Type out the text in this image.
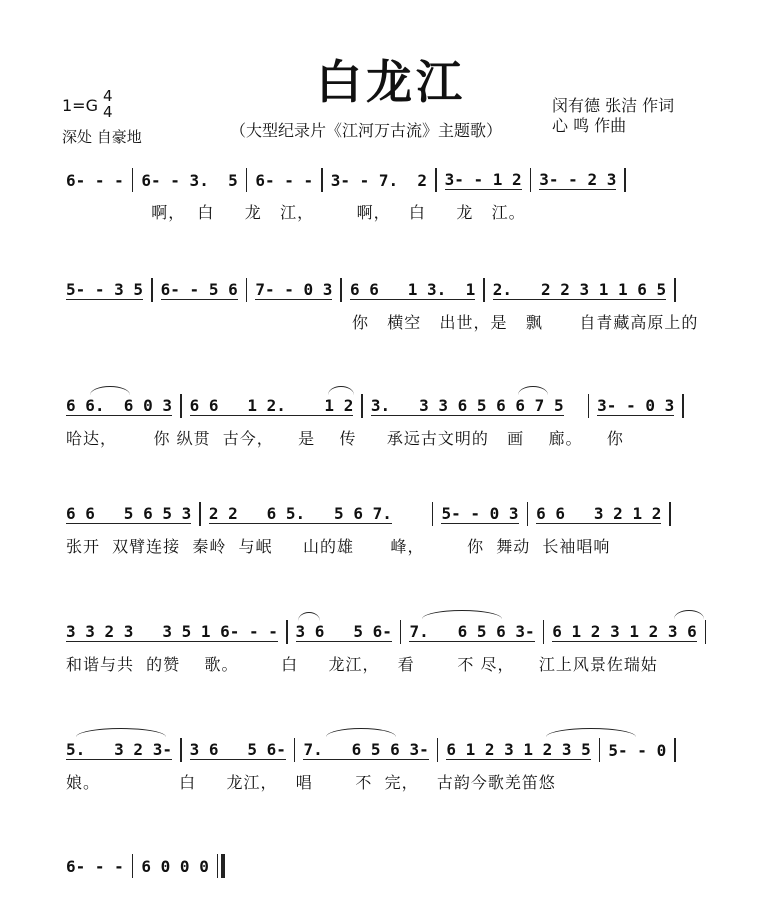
白龙江
1=G 4
4
深处 自豪地	（大型纪录片《江河万古流》主题歌）
闵有德 张洁 作词
心 鸣 作曲
6- - - 6- - 3.  5 6- - - 3- - 7.  2 3- - 1 2 3- - 2 3
啊，  白     龙   江，       啊，   白     龙   江。
5- - 3 5 6- - 5 6 7- - 0 3 6 6   1 3.  1 2.   2 2 3 1 1 6 5
你   横空   出世，是   飘      自青藏高原上的
6 6.  6 0 3 6 6   1 2.    1 2 3.   3 3 6 5 6 6 7 5 3- - 0 3
哈达，      你 纵贯  古今，    是    传     承远古文明的   画    廊。    你
6 6   5 6 5 3 2 2   6 5.   5 6 7.	5- - 0 3 6 6   3 2 1 2
张开  双臂连接  秦岭  与岷     山的雄      峰，       你  舞动  长袖唱响
3 3 2 3   3 5 1 6- - - 3 6   5 6- 7.   6 5 6 3- 6 1 2 3 1 2 3 6
和谐与共  的赞    歌。       白     龙江，   看       不 尽，    江上风景佐瑞姑
5.   3 2 3- 3 6   5 6- 7.   6 5 6 3- 6 1 2 3 1 2 3 5 5- - 0
娘。             白     龙江，   唱       不  完，   古韵今歌羌笛悠
6- - - 6 0 0 0
